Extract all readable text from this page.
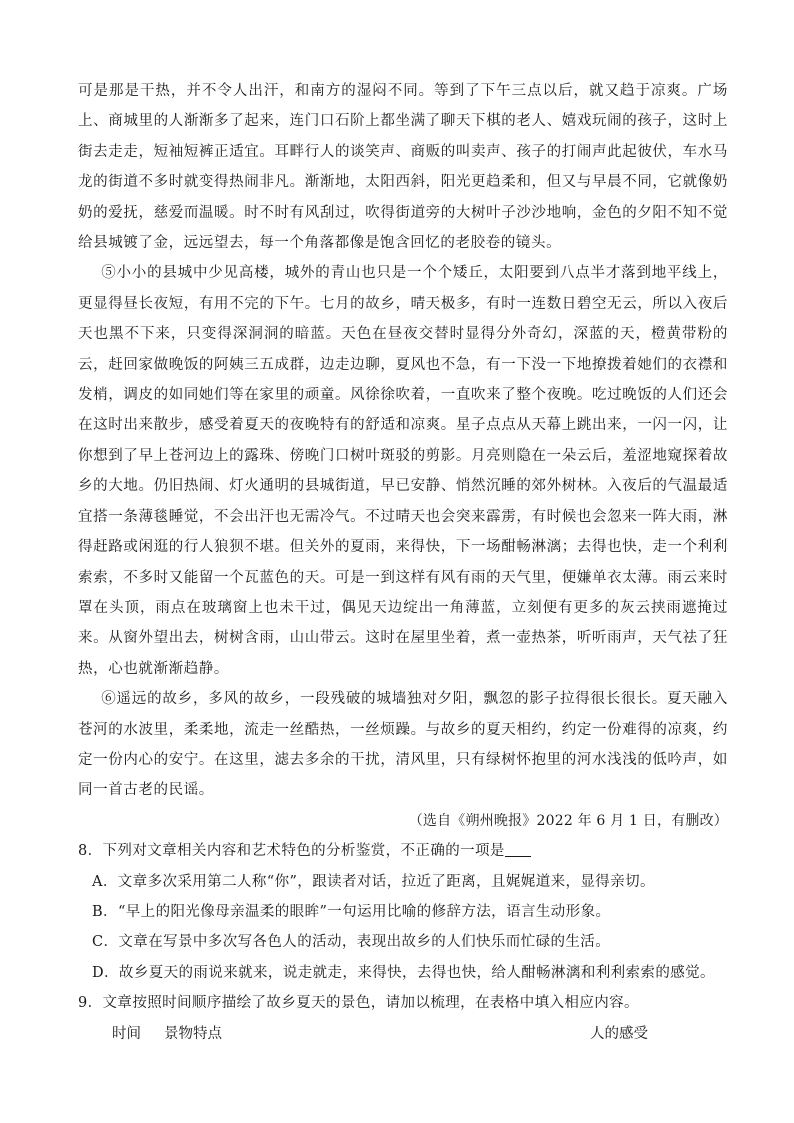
可是那是干热，并不令人出汗，和南方的湿闷不同。等到了下午三点以后，就又趋于凉爽。广场上、商城里的人渐渐多了起来，连门口石阶上都坐满了聊天下棋的老人、嬉戏玩闹的孩子，这时上街去走走，短袖短裤正适宜。耳畔行人的谈笑声、商贩的叫卖声、孩子的打闹声此起彼伏，车水马龙的街道不多时就变得热闹非凡。渐渐地，太阳西斜，阳光更趋柔和，但又与早晨不同，它就像奶奶的爱抚，慈爱而温暖。时不时有风刮过，吹得街道旁的大树叶子沙沙地响，金色的夕阳不知不觉给县城镀了金，远远望去，每一个角落都像是饱含回忆的老胶卷的镜头。

⑤小小的县城中少见高楼，城外的青山也只是一个个矮丘，太阳要到八点半才落到地平线上，更显得昼长夜短，有用不完的下午。七月的故乡，晴天极多，有时一连数日碧空无云，所以入夜后天也黑不下来，只变得深洞洞的暗蓝。天色在昼夜交替时显得分外奇幻，深蓝的天，橙黄带粉的云，赶回家做晚饭的阿姨三五成群，边走边聊，夏风也不急，有一下没一下地撩拨着她们的衣襟和发梢，调皮的如同她们等在家里的顽童。风徐徐吹着，一直吹来了整个夜晚。吃过晚饭的人们还会在这时出来散步，感受着夏天的夜晚特有的舒适和凉爽。星子点点从天幕上跳出来，一闪一闪，让你想到了早上苍河边上的露珠、傍晚门口树叶斑驳的剪影。月亮则隐在一朵云后，羞涩地窥探着故乡的大地。仍旧热闹、灯火通明的县城街道，早已安静、悄然沉睡的郊外树林。入夜后的气温最适宜搭一条薄毯睡觉，不会出汗也无需冷气。不过晴天也会突来霹雳，有时候也会忽来一阵大雨，淋得赶路或闲逛的行人狼狈不堪。但关外的夏雨，来得快，下一场酣畅淋漓；去得也快，走一个利利索索，不多时又能留一个瓦蓝色的天。可是一到这样有风有雨的天气里，便嫌单衣太薄。雨云来时罩在头顶，雨点在玻璃窗上也未干过，偶见天边绽出一角薄蓝，立刻便有更多的灰云挟雨遮掩过来。从窗外望出去，树树含雨，山山带云。这时在屋里坐着，煮一壶热茶，听听雨声，天气祛了狂热，心也就渐渐趋静。

⑥遥远的故乡，多风的故乡，一段残破的城墙独对夕阳，飘忽的影子拉得很长很长。夏天融入苍河的水波里，柔柔地，流走一丝酷热，一丝烦躁。与故乡的夏天相约，约定一份难得的凉爽，约定一份内心的安宁。在这里，滤去多余的干扰，清风里，只有绿树怀抱里的河水浅浅的低吟声，如同一首古老的民谣。

（选自《朔州晚报》2022 年 6 月 1 日，有删改）

8．下列对文章相关内容和艺术特色的分析鉴赏，不正确的一项是

A．文章多次采用第二人称“你”，跟读者对话，拉近了距离，且娓娓道来，显得亲切。

B．“早上的阳光像母亲温柔的眼眸”一句运用比喻的修辞方法，语言生动形象。

C．文章在写景中多次写各色人的活动，表现出故乡的人们快乐而忙碌的生活。

D．故乡夏天的雨说来就来，说走就走，来得快，去得也快，给人酣畅淋漓和利利索索的感觉。

9．文章按照时间顺序描绘了故乡夏天的景色，请加以梳理，在表格中填入相应内容。

时间 景物特点	人的感受
